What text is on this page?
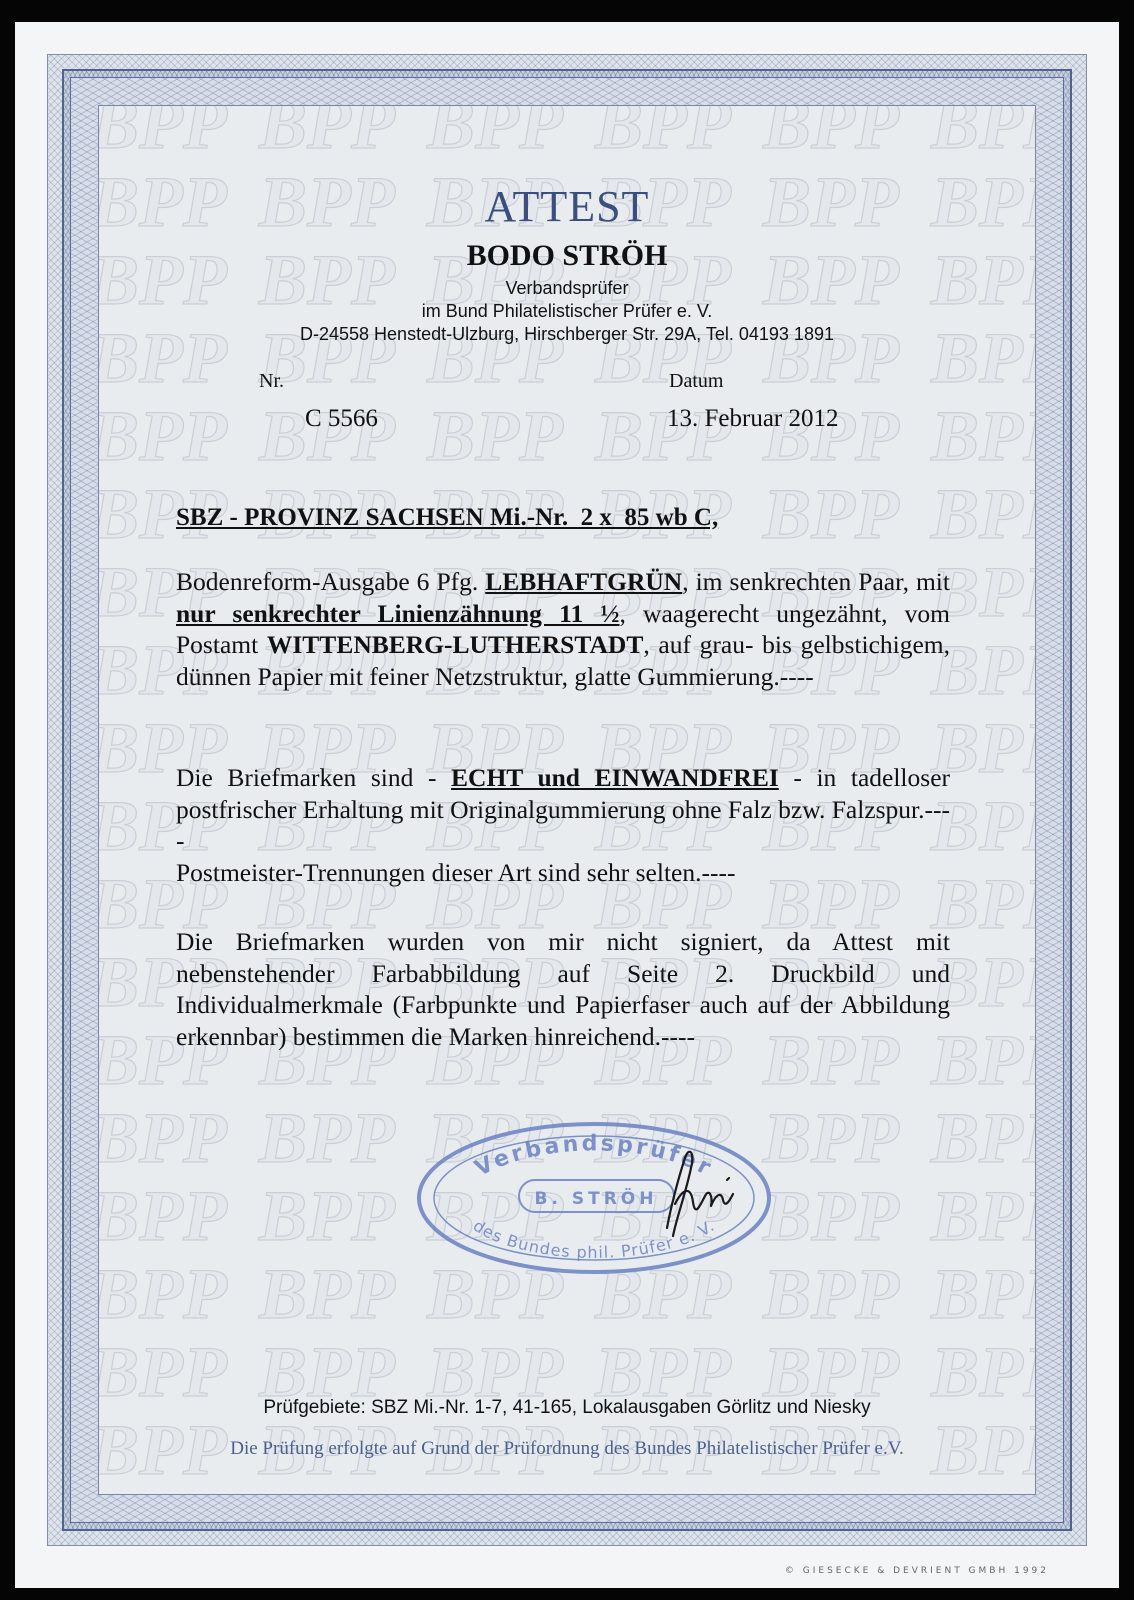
ATTEST
BODO STRÖH
Verbandsprüfer
im Bund Philatelistischer Prüfer e. V.
D-24558 Henstedt-Ulzburg, Hirschberger Str. 29A, Tel. 04193 1891
Nr.
C 5566
Datum
13. Februar 2012
SBZ - PROVINZ SACHSEN Mi.-Nr.  2 x  85 wb C,

Bodenreform-Ausgabe 6 Pfg. LEBHAFTGRÜN, im senkrechten Paar, mit nur senkrechter Linienzähnung 11 ½, waagerecht ungezähnt, vom Postamt WITTENBERG-LUTHERSTADT, auf grau- bis gelbstichigem, dünnen Papier mit feiner Netzstruktur, glatte Gummierung.----

Die Briefmarken sind - ECHT und EINWANDFREI - in tadelloser postfrischer Erhaltung mit Originalgummierung ohne Falz bzw. Falzspur.----

Postmeister-Trennungen dieser Art sind sehr selten.----

Die Briefmarken wurden von mir nicht signiert, da Attest mit nebenstehender Farbabbildung auf Seite 2. Druckbild und Individualmerkmale (Farbpunkte und Papierfaser auch auf der Abbildung erkennbar) bestimmen die Marken hinreichend.----

Verbandsprüfer
B. STRÖH
des Bundes phil. Prüfer e. V.
Prüfgebiete: SBZ Mi.-Nr. 1-7, 41-165, Lokalausgaben Görlitz und Niesky
Die Prüfung erfolgte auf Grund der Prüfordnung des Bundes Philatelistischer Prüfer e.V.
© GIESECKE & DEVRIENT GMBH 1992
